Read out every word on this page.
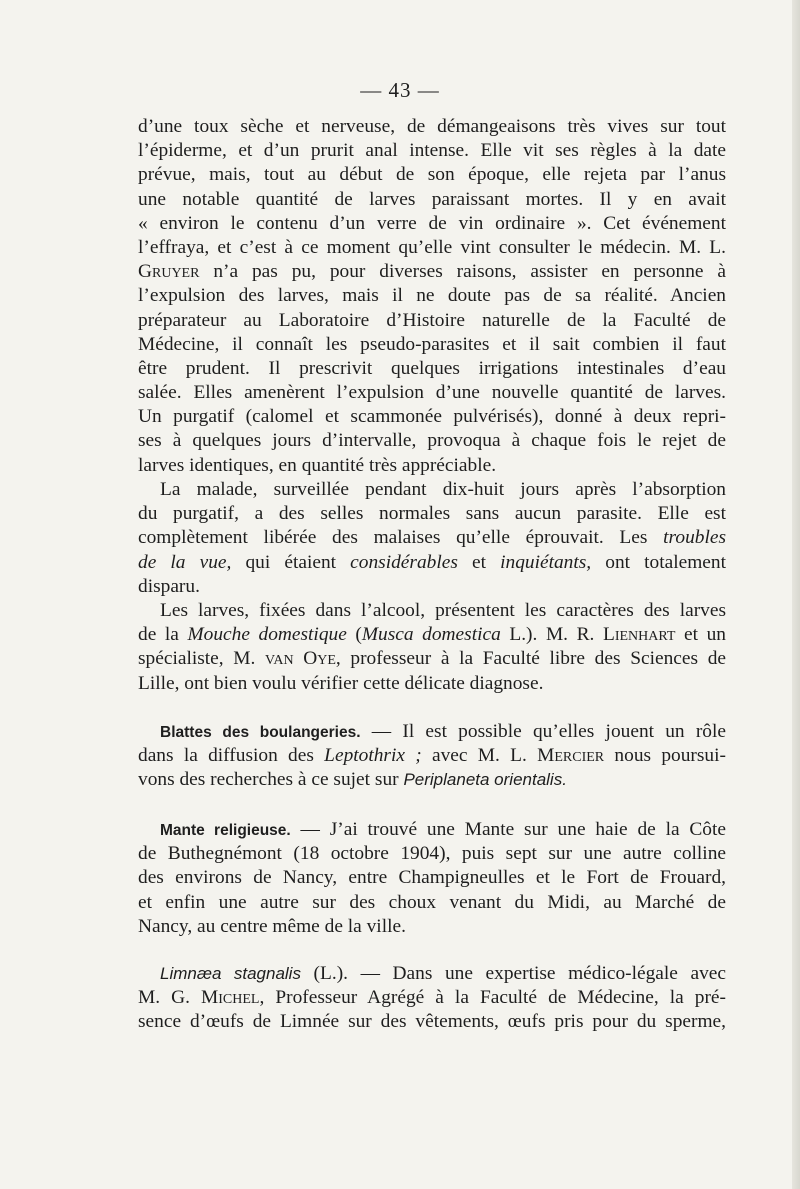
— 43 —
d’une toux sèche et nerveuse, de démangeaisons très vives sur tout
l’épiderme, et d’un prurit anal intense. Elle vit ses règles à la date
prévue, mais, tout au début de son époque, elle rejeta par l’anus
une notable quantité de larves paraissant mortes. Il y en avait
« environ le contenu d’un verre de vin ordinaire ». Cet événement
l’effraya, et c’est à ce moment qu’elle vint consulter le médecin. M. L.
Gruyer n’a pas pu, pour diverses raisons, assister en personne à
l’expulsion des larves, mais il ne doute pas de sa réalité. Ancien
préparateur au Laboratoire d’Histoire naturelle de la Faculté de
Médecine, il connaît les pseudo-parasites et il sait combien il faut
être prudent. Il prescrivit quelques irrigations intestinales d’eau
salée. Elles amenèrent l’expulsion d’une nouvelle quantité de larves.
Un purgatif (calomel et scammonée pulvérisés), donné à deux repri-
ses à quelques jours d’intervalle, provoqua à chaque fois le rejet de
larves identiques, en quantité très appréciable.
La malade, surveillée pendant dix-huit jours après l’absorption
du purgatif, a des selles normales sans aucun parasite. Elle est
complètement libérée des malaises qu’elle éprouvait. Les troubles
de la vue, qui étaient considérables et inquiétants, ont totalement
disparu.
Les larves, fixées dans l’alcool, présentent les caractères des larves
de la Mouche domestique (Musca domestica L.). M. R. Lienhart et un
spécialiste, M. van Oye, professeur à la Faculté libre des Sciences de
Lille, ont bien voulu vérifier cette délicate diagnose.
Blattes des boulangeries. — Il est possible qu’elles jouent un rôle
dans la diffusion des Leptothrix ; avec M. L. Mercier nous poursui-
vons des recherches à ce sujet sur Periplaneta orientalis.
Mante religieuse. — J’ai trouvé une Mante sur une haie de la Côte
de Buthegnémont (18 octobre 1904), puis sept sur une autre colline
des environs de Nancy, entre Champigneulles et le Fort de Frouard,
et enfin une autre sur des choux venant du Midi, au Marché de
Nancy, au centre même de la ville.
Limnæa stagnalis (L.). — Dans une expertise médico-légale avec
M. G. Michel, Professeur Agrégé à la Faculté de Médecine, la pré-
sence d’œufs de Limnée sur des vêtements, œufs pris pour du sperme,
